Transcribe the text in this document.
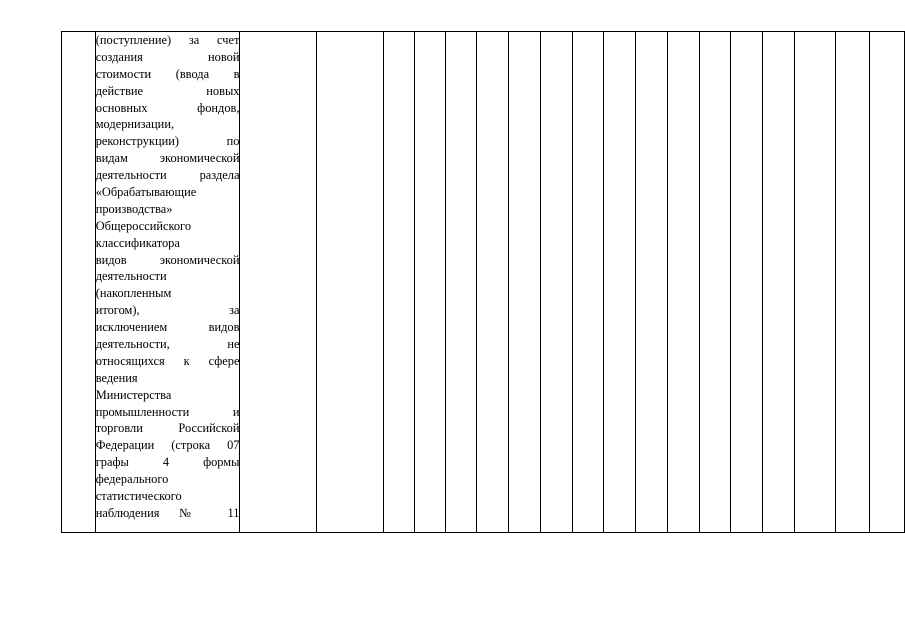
(поступление) за счет
создания новой
стоимости (ввода в
действие новых
основных фондов,
модернизации,
реконструкции) по
видам экономической
деятельности раздела
«Обрабатывающие
производства»
Общероссийского
классификатора
видов экономической
деятельности
(накопленным
итогом), за
исключением видов
деятельности, не
относящихся к сфере
ведения
Министерства
промышленности и
торговли Российской
Федерации (строка 07
графы 4 формы
федерального
статистического
наблюдения № 11
